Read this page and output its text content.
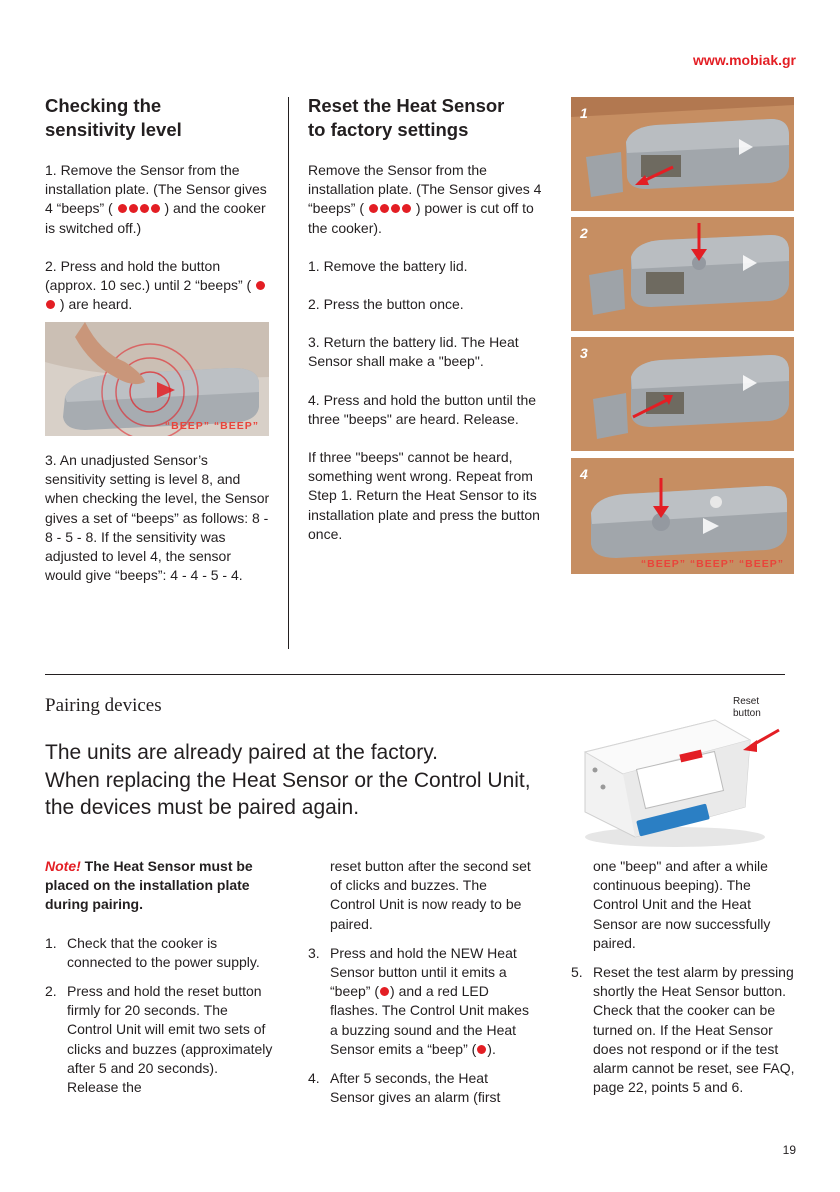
www.mobiak.gr
Checking the
sensitivity level

1. Remove the Sensor from the installation plate. (The Sensor gives 4 “beeps” (	) and the cooker is switched off.)

2. Press and hold the button (approx. 10 sec.) until 2 “beeps” (  ) are heard.

“BEEP” “BEEP”
3. An unadjusted Sensor’s sensitivity setting is level 8, and when checking the level, the Sensor gives a set of “beeps” as follows: 8 - 8 - 5 - 8. If the sensitivity was adjusted to level 4, the sensor would give “beeps”: 4 - 4 - 5 - 4.
Reset the Heat Sensor
to factory settings

Remove the Sensor from the installation plate. (The Sensor gives 4 “beeps” (	) power is cut off to the cooker).

1. Remove the battery lid.

2. Press the button once.

3. Return the battery lid. The Heat Sensor shall make a "beep".

4. Press and hold the button until the three "beeps" are heard. Release.

If three "beeps" cannot be heard, something went wrong. Repeat from Step 1. Return the Heat Sensor to its installation plate and press the button once.

1
2
3
4
“BEEP” “BEEP” “BEEP”
Pairing devices
The units are already paired at the factory.
When replacing the Heat Sensor or the Control Unit,
the devices must be paired again.
Reset
button
Note! The Heat Sensor must be placed on the installation plate during pairing.
1. Check that the cooker is connected to the power supply.
2. Press and hold the reset button firmly for 20 seconds. The Control Unit will emit two sets of clicks and buzzes (approximately after 5 and 20 seconds). Release the
reset button after the second set of clicks and buzzes. The Control Unit is now ready to be paired.
3. Press and hold the NEW Heat Sensor button until it emits a “beep” ( ) and a red LED flashes. The Control Unit makes a buzzing sound and the Heat Sensor emits a “beep” ( ).
4. After 5 seconds, the Heat Sensor gives an alarm (first
one "beep" and after a while continuous beeping). The Control Unit and the Heat Sensor are now successfully paired.
5. Reset the test alarm by pressing shortly the Heat Sensor button. Check that the cooker can be turned on. If the Heat Sensor does not respond or if the test alarm cannot be reset, see FAQ, page 22, points 5 and 6.
19
